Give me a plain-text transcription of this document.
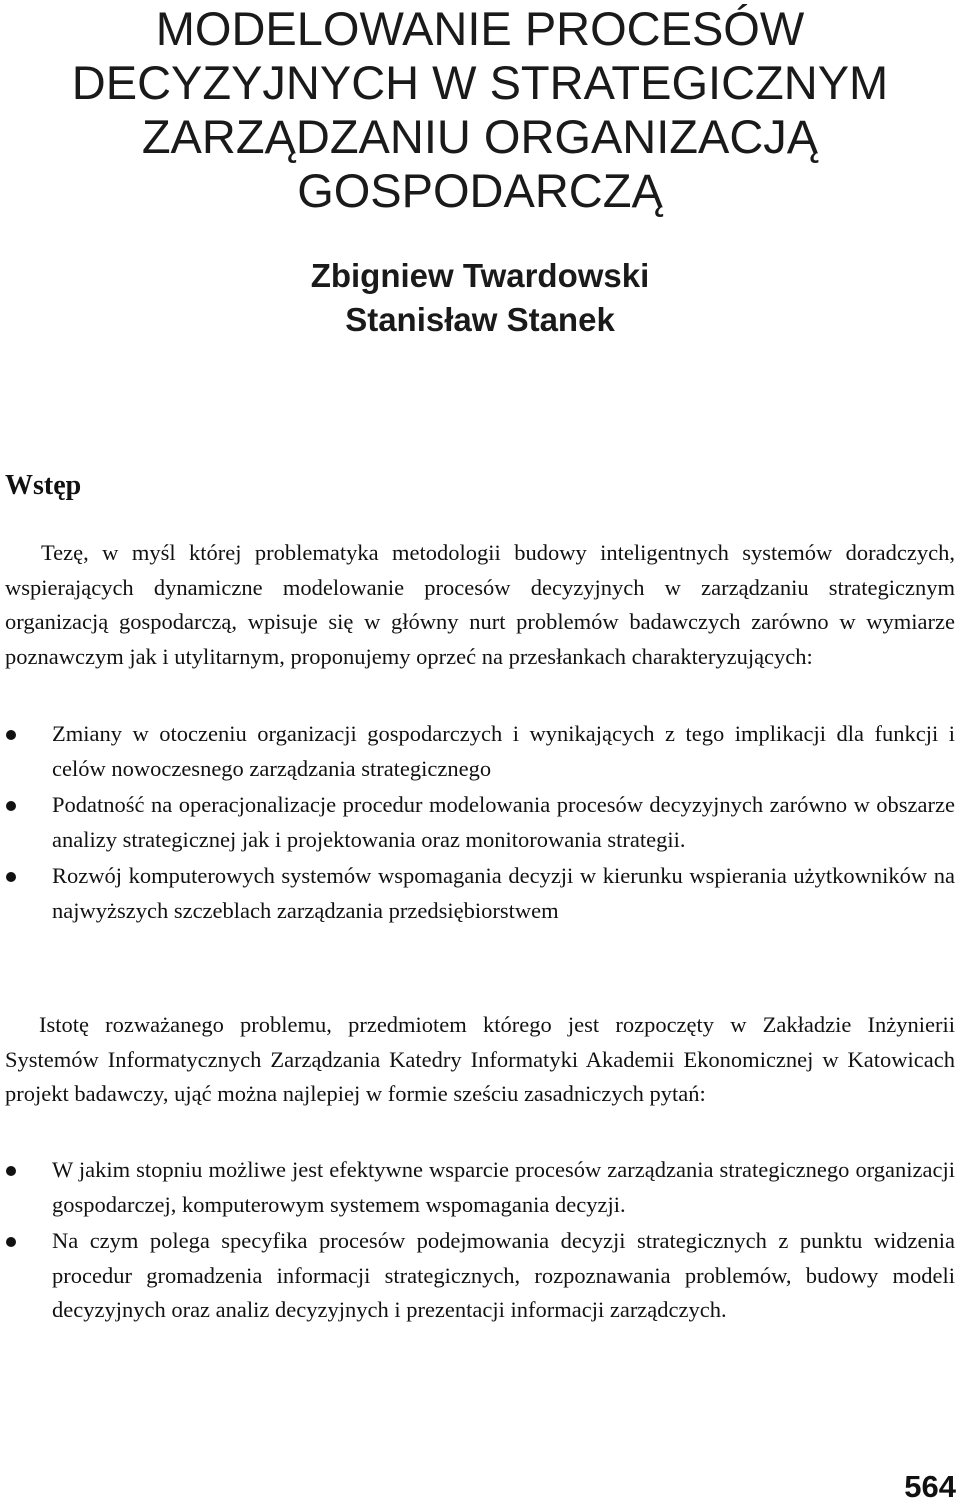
MODELOWANIE PROCESÓW
DECYZYJNYCH W STRATEGICZNYM
ZARZĄDZANIU ORGANIZACJĄ
GOSPODARCZĄ
Zbigniew Twardowski
Stanisław Stanek
Wstęp

Tezę, w myśl której problematyka metodologii budowy inteligentnych systemów doradczych, wspierających dynamiczne modelowanie procesów decyzyjnych w zarządzaniu strategicznym organizacją gospodarczą, wpisuje się w główny nurt problemów badawczych zarówno w wymiarze poznawczym jak i utylitarnym, proponujemy oprzeć na przesłankach charakteryzujących:

Zmiany w otoczeniu organizacji gospodarczych i wynikających z tego implikacji dla funkcji i celów nowoczesnego zarządzania strategicznego
Podatność na operacjonalizacje procedur modelowania procesów decyzyjnych zarówno w obszarze analizy strategicznej jak i projektowania oraz monitorowania strategii.
Rozwój komputerowych systemów wspomagania decyzji w kierunku wspierania użytkowników na najwyższych szczeblach zarządzania przedsiębiorstwem

Istotę rozważanego problemu, przedmiotem którego jest rozpoczęty w Zakładzie Inżynierii Systemów Informatycznych Zarządzania Katedry Informatyki Akademii Ekonomicznej w Katowicach projekt badawczy, ująć można najlepiej w formie sześciu zasadniczych pytań:

W jakim stopniu możliwe jest efektywne wsparcie procesów zarządzania strategicznego organizacji gospodarczej, komputerowym systemem wspomagania decyzji.
Na czym polega specyfika procesów podejmowania decyzji strategicznych z punktu widzenia procedur gromadzenia informacji strategicznych, rozpoznawania problemów, budowy modeli decyzyjnych oraz analiz decyzyjnych i prezentacji informacji zarządczych.
564
